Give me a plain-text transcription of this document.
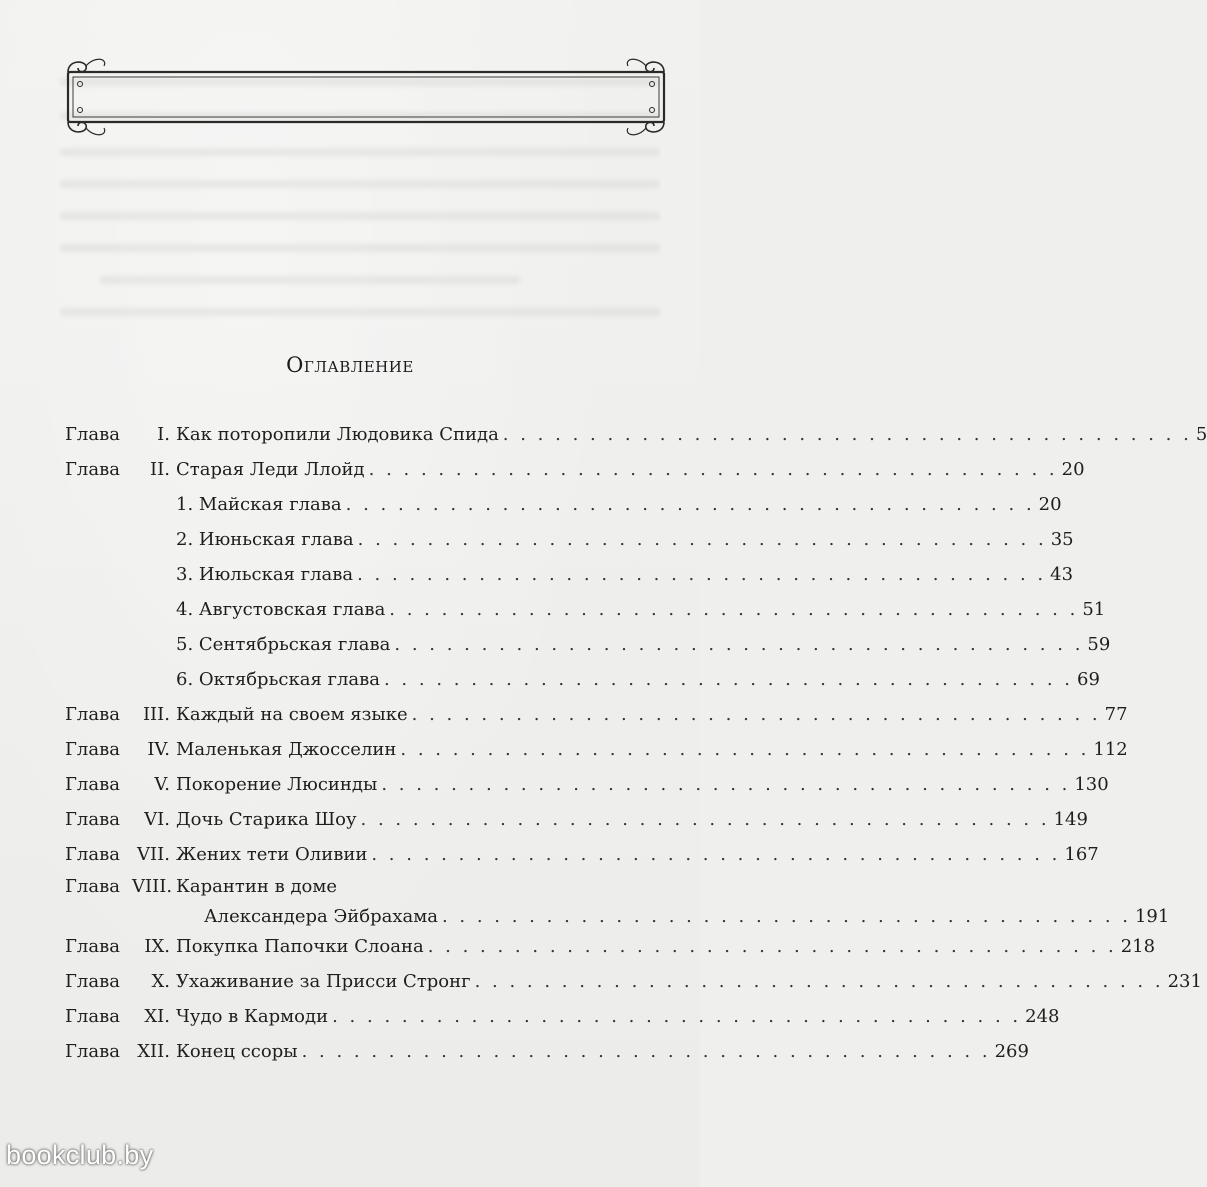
Оглавление
Глава	I. Как поторопили Людовика Спида . . . . . . . . . . . . . . . . . . . . . . . . . . . . . . . . . . . . . . . . 5
Глава	II. Старая Леди Ллойд . . . . . . . . . . . . . . . . . . . . . . . . . . . . . . . . . . . . . . . . 20
1. Майская глава . . . . . . . . . . . . . . . . . . . . . . . . . . . . . . . . . . . . . . . . 20
2. Июньская глава . . . . . . . . . . . . . . . . . . . . . . . . . . . . . . . . . . . . . . . . 35
3. Июльская глава . . . . . . . . . . . . . . . . . . . . . . . . . . . . . . . . . . . . . . . . 43
4. Августовская глава . . . . . . . . . . . . . . . . . . . . . . . . . . . . . . . . . . . . . . . . 51
5. Сентябрьская глава . . . . . . . . . . . . . . . . . . . . . . . . . . . . . . . . . . . . . . . . 59
6. Октябрьская глава . . . . . . . . . . . . . . . . . . . . . . . . . . . . . . . . . . . . . . . . 69
Глава	III. Каждый на своем языке . . . . . . . . . . . . . . . . . . . . . . . . . . . . . . . . . . . . . . . . 77
Глава	IV. Маленькая Джосселин . . . . . . . . . . . . . . . . . . . . . . . . . . . . . . . . . . . . . . . . 112
Глава	V. Покорение Люсинды . . . . . . . . . . . . . . . . . . . . . . . . . . . . . . . . . . . . . . . . 130
Глава	VI. Дочь Старика Шоу . . . . . . . . . . . . . . . . . . . . . . . . . . . . . . . . . . . . . . . . 149
Глава VII. Жених тети Оливии . . . . . . . . . . . . . . . . . . . . . . . . . . . . . . . . . . . . . . . . 167
Глава VIII. Карантин в доме
Александера Эйбрахама . . . . . . . . . . . . . . . . . . . . . . . . . . . . . . . . . . . . . . . . 191
Глава	IX. Покупка Папочки Слоана . . . . . . . . . . . . . . . . . . . . . . . . . . . . . . . . . . . . . . . . 218
Глава	X. Ухаживание за Присси Стронг . . . . . . . . . . . . . . . . . . . . . . . . . . . . . . . . . . . . . . . . 231
Глава	XI. Чудо в Кармоди . . . . . . . . . . . . . . . . . . . . . . . . . . . . . . . . . . . . . . . . 248
Глава XII. Конец ссоры . . . . . . . . . . . . . . . . . . . . . . . . . . . . . . . . . . . . . . . . 269
bookclub.by
